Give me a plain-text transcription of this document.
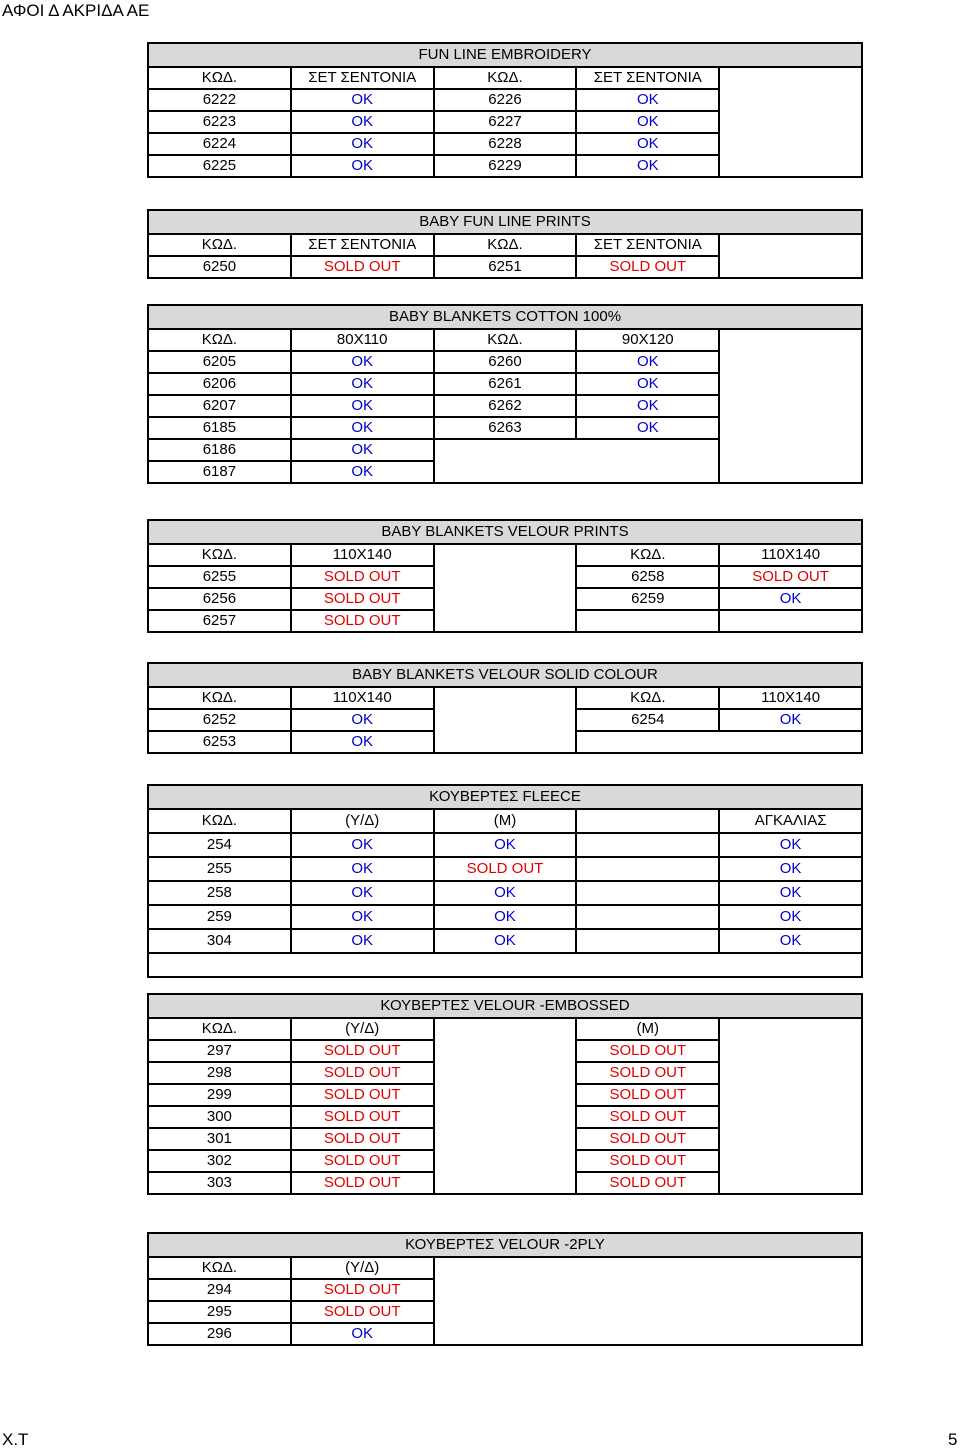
ΑΦΟΙ Δ ΑΚΡΙΔΑ ΑΕ
FUN LINE EMBROIDERY				
ΚΩΔ.	ΣΕΤ ΣΕΝΤΟΝΙΑ	ΚΩΔ.	ΣΕΤ ΣΕΝΤΟΝΙΑ	
6222	OK	6226	OK	
6223	OK	6227	OK	
6224	OK	6228	OK	
6225	OK	6229	OK	
BABY FUN LINE PRINTS				
ΚΩΔ.	ΣΕΤ ΣΕΝΤΟΝΙΑ	ΚΩΔ.	ΣΕΤ ΣΕΝΤΟΝΙΑ	
6250	SOLD OUT	6251	SOLD OUT	
BABY BLANKETS COTTON 100%				
ΚΩΔ.	80X110	ΚΩΔ.	90X120	
6205	OK	6260	OK	
6206	OK	6261	OK	
6207	OK	6262	OK	
6185	OK	6263	OK	
6186	OK			
6187	OK			
BABY BLANKETS VELOUR PRINTS				
ΚΩΔ.	110X140		ΚΩΔ.	110X140
6255	SOLD OUT		6258	SOLD OUT
6256	SOLD OUT		6259	OK
6257	SOLD OUT			
BABY BLANKETS VELOUR SOLID COLOUR				
ΚΩΔ.	110X140		ΚΩΔ.	110X140
6252	OK		6254	OK
6253	OK			
ΚΟΥΒΕΡΤΕΣ FLEECE				
ΚΩΔ.	(Υ/Δ)	(Μ)		ΑΓΚΑΛΙΑΣ
254	OK	OK		OK
255	OK	SOLD OUT		OK
258	OK	OK		OK
259	OK	OK		OK
304	OK	OK		OK

ΚΟΥΒΕΡΤΕΣ VELOUR -EMBOSSED				
ΚΩΔ.	(Υ/Δ)		(Μ)	
297	SOLD OUT		SOLD OUT	
298	SOLD OUT		SOLD OUT	
299	SOLD OUT		SOLD OUT	
300	SOLD OUT		SOLD OUT	
301	SOLD OUT		SOLD OUT	
302	SOLD OUT		SOLD OUT	
303	SOLD OUT		SOLD OUT	
ΚΟΥΒΕΡΤΕΣ VELOUR -2PLY		
ΚΩΔ.	(Υ/Δ)	
294	SOLD OUT	
295	SOLD OUT	
296	OK	
Χ.Τ	5
